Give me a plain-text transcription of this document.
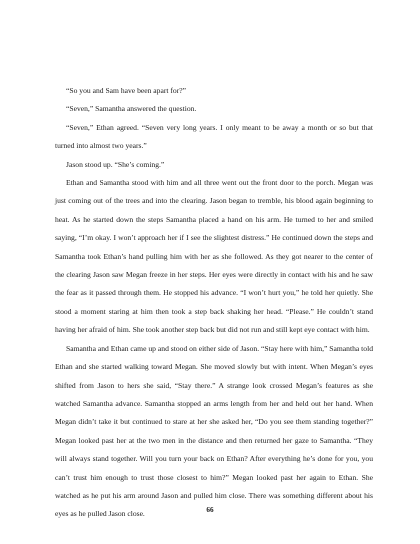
“So you and Sam have been apart for?”

“Seven,” Samantha answered the question.

“Seven,” Ethan agreed. “Seven very long years. I only meant to be away a month or so but that turned into almost two years.”

Jason stood up. “She’s coming.”

Ethan and Samantha stood with him and all three went out the front door to the porch. Megan was just coming out of the trees and into the clearing. Jason began to tremble, his blood again beginning to heat. As he started down the steps Samantha placed a hand on his arm. He turned to her and smiled saying, “I’m okay. I won’t approach her if I see the slightest distress.” He continued down the steps and Samantha took Ethan’s hand pulling him with her as she followed. As they got nearer to the center of the clearing Jason saw Megan freeze in her steps. Her eyes were directly in contact with his and he saw the fear as it passed through them. He stopped his advance. “I won’t hurt you,” he told her quietly. She stood a moment staring at him then took a step back shaking her head. “Please.” He couldn’t stand having her afraid of him. She took another step back but did not run and still kept eye contact with him.

Samantha and Ethan came up and stood on either side of Jason. “Stay here with him,” Samantha told Ethan and she started walking toward Megan. She moved slowly but with intent. When Megan’s eyes shifted from Jason to hers she said, “Stay there.” A strange look crossed Megan’s features as she watched Samantha advance. Samantha stopped an arms length from her and held out her hand. When Megan didn’t take it but continued to stare at her she asked her, “Do you see them standing together?” Megan looked past her at the two men in the distance and then returned her gaze to Samantha. “They will always stand together. Will you turn your back on Ethan? After everything he’s done for you, you can’t trust him enough to trust those closest to him?” Megan looked past her again to Ethan. She watched as he put his arm around Jason and pulled him close. There was something different about his eyes as he pulled Jason close.	66
